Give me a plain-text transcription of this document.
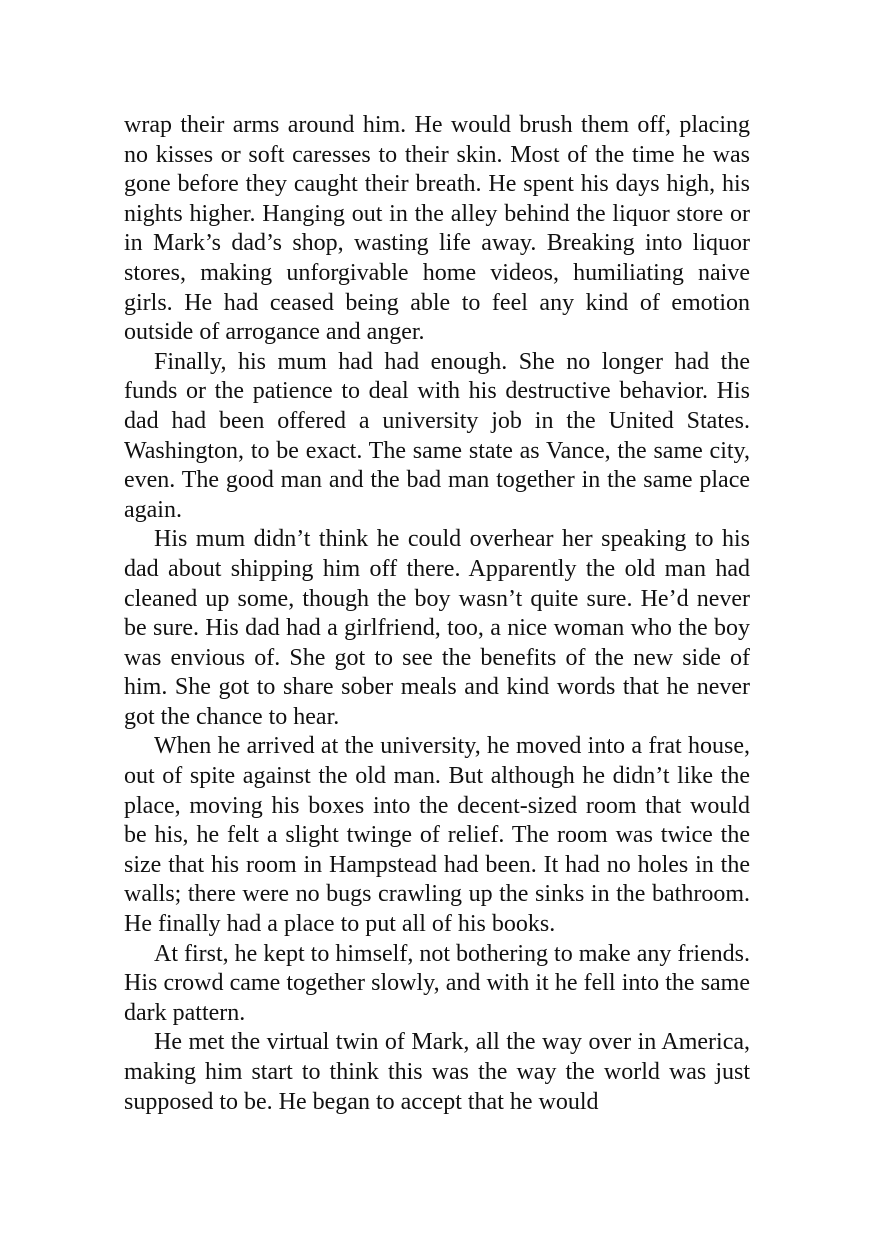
wrap their arms around him. He would brush them off, placing no kisses or soft caresses to their skin. Most of the time he was gone before they caught their breath. He spent his days high, his nights higher. Hanging out in the alley behind the liquor store or in Mark’s dad’s shop, wasting life away. Breaking into liquor stores, making unforgivable home videos, humiliating naive girls. He had ceased being able to feel any kind of emotion outside of arrogance and anger.

Finally, his mum had had enough. She no longer had the funds or the patience to deal with his destructive behavior. His dad had been offered a university job in the United States. Washington, to be exact. The same state as Vance, the same city, even. The good man and the bad man together in the same place again.

His mum didn’t think he could overhear her speaking to his dad about shipping him off there. Apparently the old man had cleaned up some, though the boy wasn’t quite sure. He’d never be sure. His dad had a girlfriend, too, a nice woman who the boy was envious of. She got to see the benefits of the new side of him. She got to share sober meals and kind words that he never got the chance to hear.

When he arrived at the university, he moved into a frat house, out of spite against the old man. But although he didn’t like the place, moving his boxes into the decent-sized room that would be his, he felt a slight twinge of relief. The room was twice the size that his room in Hampstead had been. It had no holes in the walls; there were no bugs crawling up the sinks in the bathroom. He finally had a place to put all of his books.

At first, he kept to himself, not bothering to make any friends. His crowd came together slowly, and with it he fell into the same dark pattern.

He met the virtual twin of Mark, all the way over in America, making him start to think this was the way the world was just supposed to be. He began to accept that he would
